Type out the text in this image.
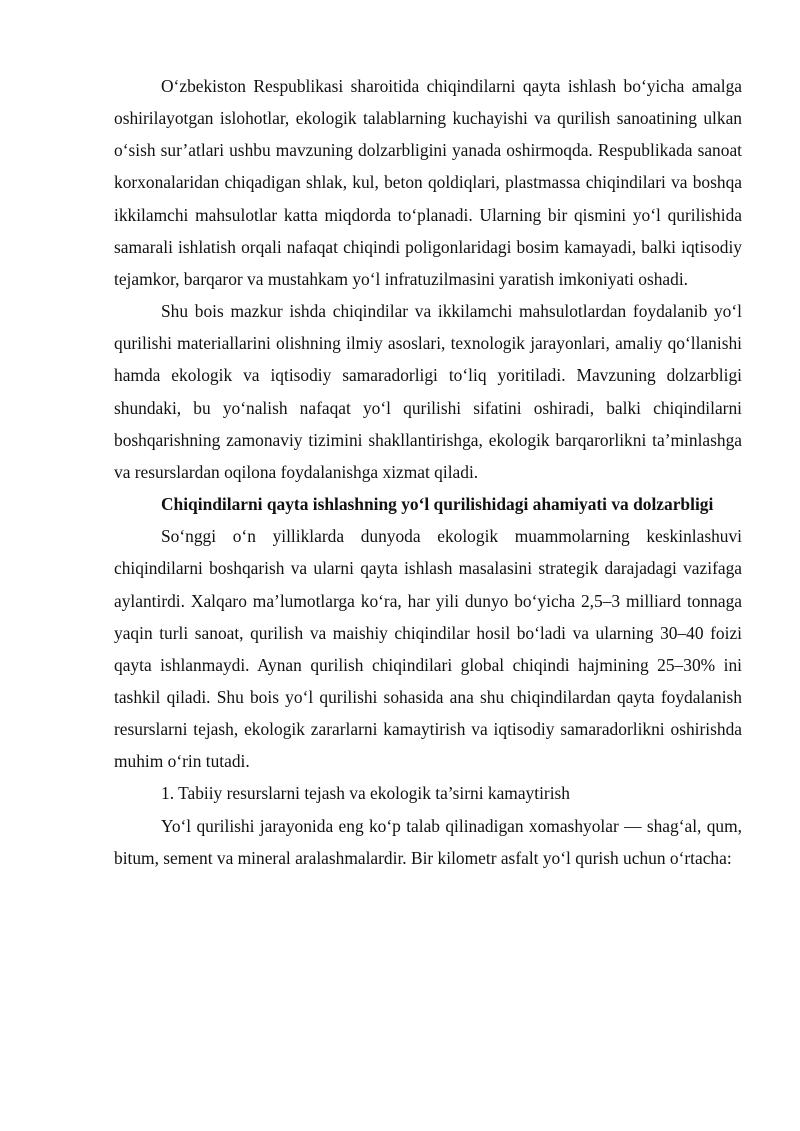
O‘zbekiston Respublikasi sharoitida chiqindilarni qayta ishlash bo‘yicha amalga oshirilayotgan islohotlar, ekologik talablarning kuchayishi va qurilish sanoatining ulkan o‘sish sur’atlari ushbu mavzuning dolzarbligini yanada oshirmoqda. Respublikada sanoat korxonalaridan chiqadigan shlak, kul, beton qoldiqlari, plastmassa chiqindilari va boshqa ikkilamchi mahsulotlar katta miqdorda to‘planadi. Ularning bir qismini yo‘l qurilishida samarali ishlatish orqali nafaqat chiqindi poligonlaridagi bosim kamayadi, balki iqtisodiy tejamkor, barqaror va mustahkam yo‘l infratuzilmasini yaratish imkoniyati oshadi.

Shu bois mazkur ishda chiqindilar va ikkilamchi mahsulotlardan foydalanib yo‘l qurilishi materiallarini olishning ilmiy asoslari, texnologik jarayonlari, amaliy qo‘llanishi hamda ekologik va iqtisodiy samaradorligi to‘liq yoritiladi. Mavzuning dolzarbligi shundaki, bu yo‘nalish nafaqat yo‘l qurilishi sifatini oshiradi, balki chiqindilarni boshqarishning zamonaviy tizimini shakllantirishga, ekologik barqarorlikni ta’minlashga va resurslardan oqilona foydalanishga xizmat qiladi.

Chiqindilarni qayta ishlashning yo‘l qurilishidagi ahamiyati va dolzarbligi

So‘nggi o‘n yilliklarda dunyoda ekologik muammolarning keskinlashuvi chiqindilarni boshqarish va ularni qayta ishlash masalasini strategik darajadagi vazifaga aylantirdi. Xalqaro ma’lumotlarga ko‘ra, har yili dunyo bo‘yicha 2,5–3 milliard tonnaga yaqin turli sanoat, qurilish va maishiy chiqindilar hosil bo‘ladi va ularning 30–40 foizi qayta ishlanmaydi. Aynan qurilish chiqindilari global chiqindi hajmining 25–30% ini tashkil qiladi. Shu bois yo‘l qurilishi sohasida ana shu chiqindilardan qayta foydalanish resurslarni tejash, ekologik zararlarni kamaytirish va iqtisodiy samaradorlikni oshirishda muhim o‘rin tutadi.

1. Tabiiy resurslarni tejash va ekologik ta’sirni kamaytirish

Yo‘l qurilishi jarayonida eng ko‘p talab qilinadigan xomashyolar — shag‘al, qum, bitum, sement va mineral aralashmalardir. Bir kilometr asfalt yo‘l qurish uchun o‘rtacha:
